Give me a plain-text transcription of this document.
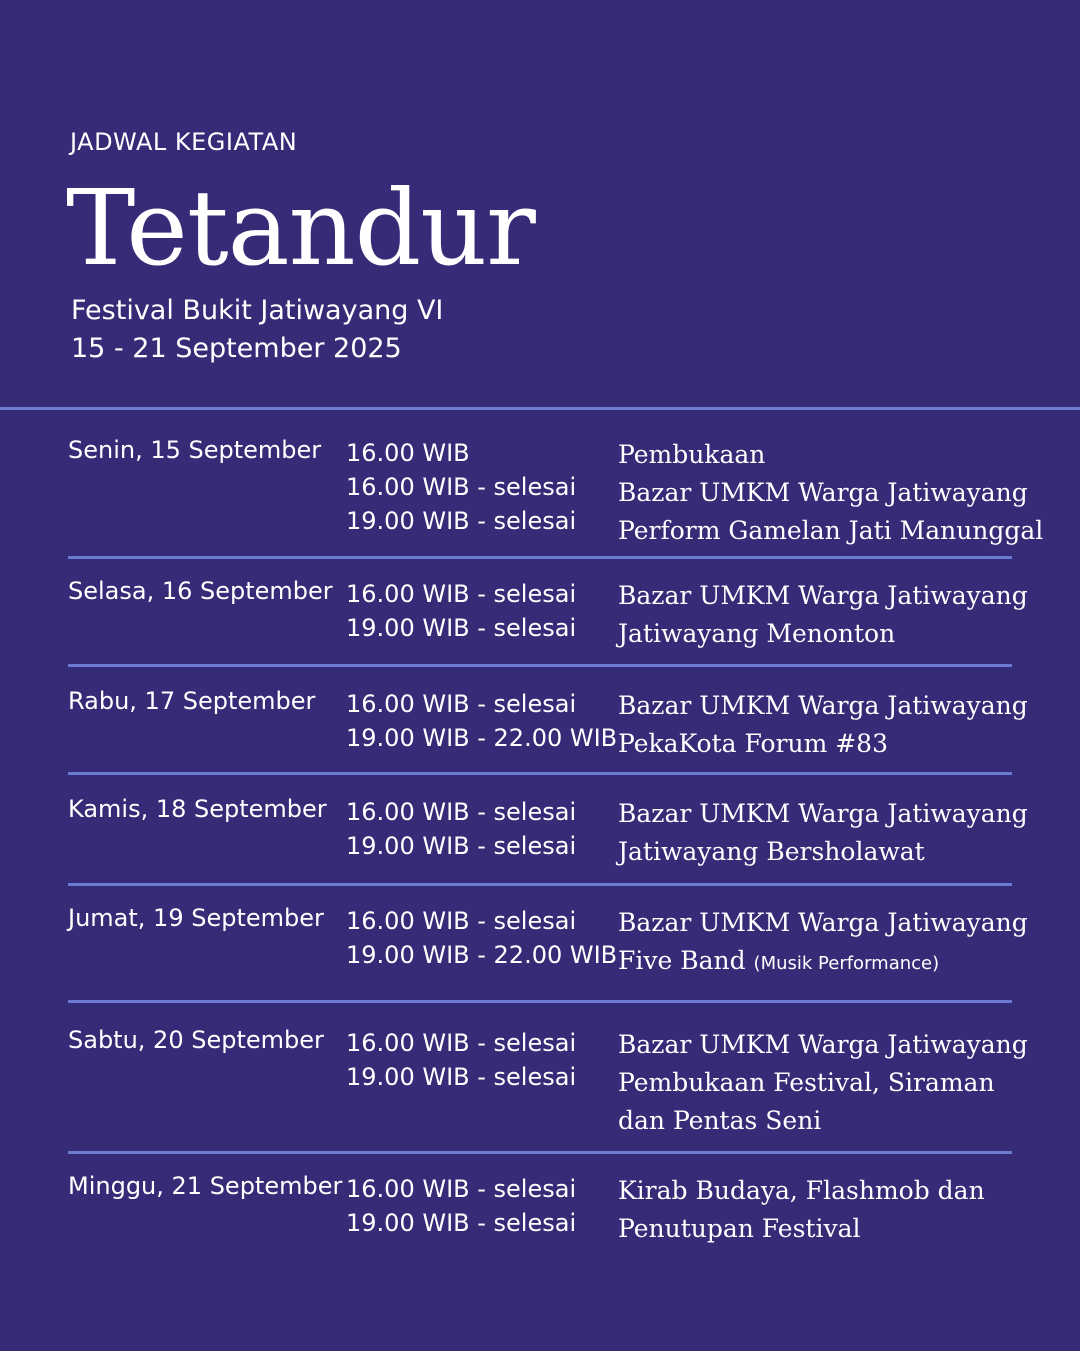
JADWAL KEGIATAN
Tetandur
Festival Bukit Jatiwayang VI
15 - 21 September 2025
Senin, 15 September 16.00 WIB
16.00 WIB - selesai
19.00 WIB - selesai
Pembukaan
Bazar UMKM Warga Jatiwayang
Perform Gamelan Jati Manunggal
Selasa, 16 September 16.00 WIB - selesai
19.00 WIB - selesai
Bazar UMKM Warga Jatiwayang
Jatiwayang Menonton
Rabu, 17 September 16.00 WIB - selesai
19.00 WIB - 22.00 WIB
Bazar UMKM Warga Jatiwayang
PekaKota Forum #83
Kamis, 18 September 16.00 WIB - selesai
19.00 WIB - selesai
Bazar UMKM Warga Jatiwayang
Jatiwayang Bersholawat
Jumat, 19 September 16.00 WIB - selesai
19.00 WIB - 22.00 WIB
Bazar UMKM Warga Jatiwayang
Five Band (Musik Performance)
Sabtu, 20 September 16.00 WIB - selesai
19.00 WIB - selesai
Bazar UMKM Warga Jatiwayang
Pembukaan Festival, Siraman
dan Pentas Seni
Minggu, 21 September 16.00 WIB - selesai
19.00 WIB - selesai
Kirab Budaya, Flashmob dan
Penutupan Festival
